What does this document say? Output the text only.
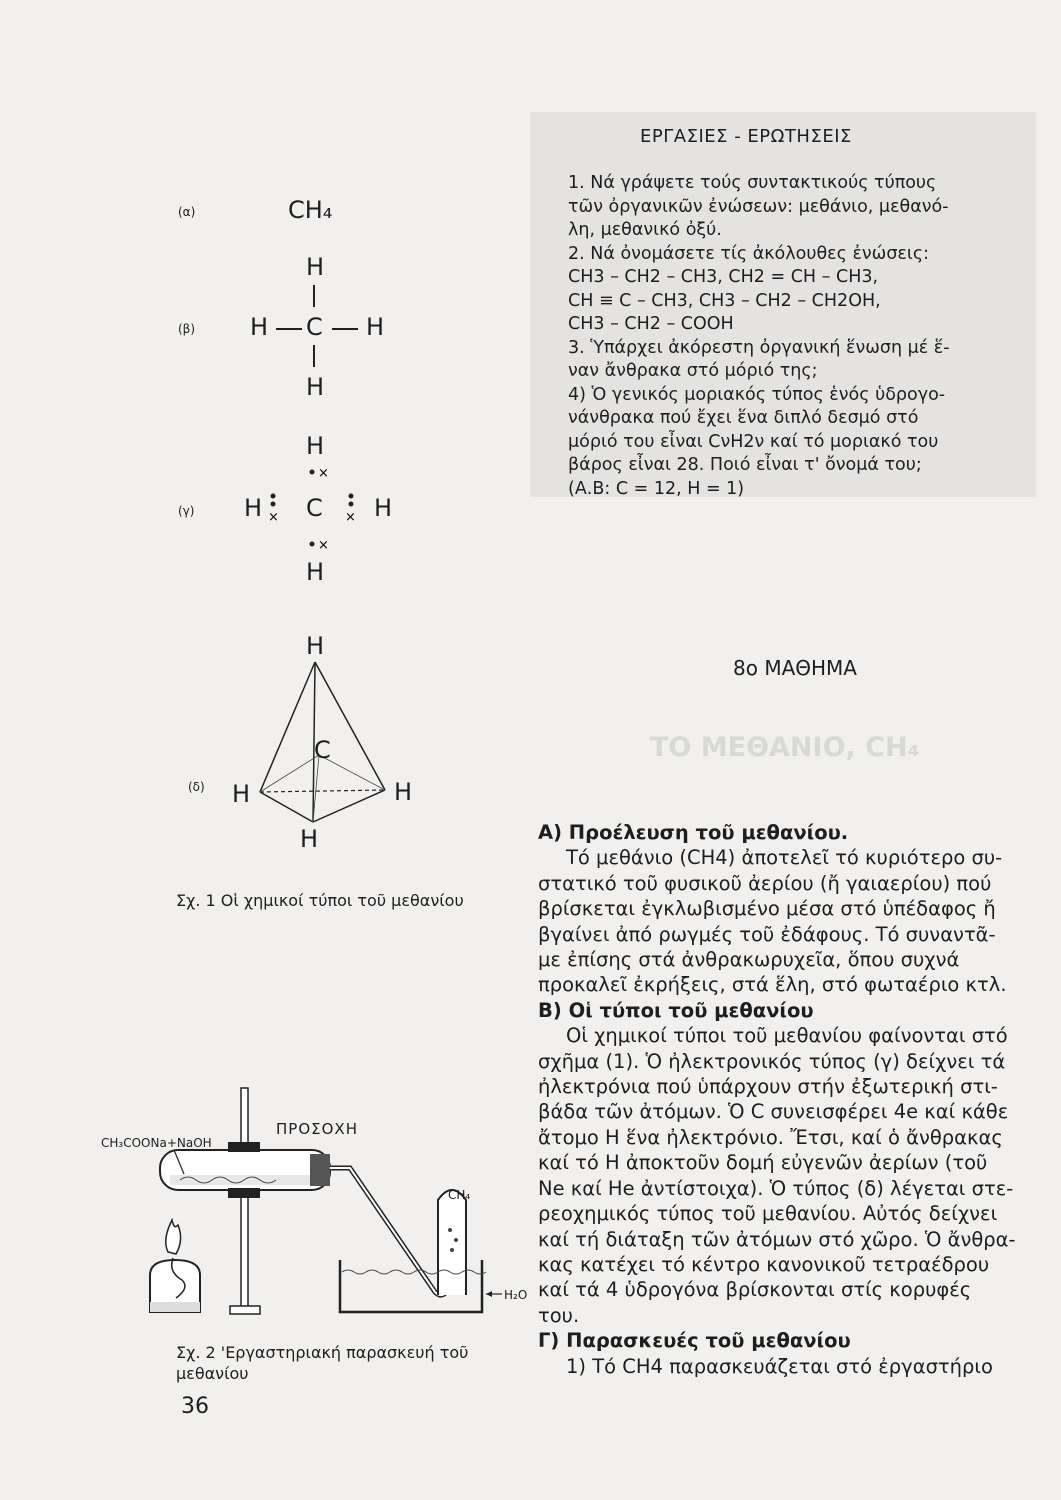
ΕΡΓΑΣΙΕΣ - ΕΡΩΤΗΣΕΙΣ

1. Νά γράψετε τούς συντακτικούς τύπους

τῶν ὀργανικῶν ἐνώσεων: μεθάνιο, μεθανό-

λη, μεθανικό ὀξύ.

2. Νά ὀνομάσετε τίς ἀκόλουθες ἐνώσεις:

CH3 – CH2 – CH3, CH2 = CH – CH3,

CH ≡ C – CH3, CH3 – CH2 – CH2OH,

CH3 – CH2 – COOH

3. Ὑπάρχει ἀκόρεστη ὀργανική ἕνωση μέ ἕ-

ναν ἄνθρακα στό μόριό της;

4) Ὁ γενικός μοριακός τύπος ἑνός ὑδρογο-

νάνθρακα πού ἔχει ἕνα διπλό δεσμό στό

μόριό του εἶναι CνH2ν καί τό μοριακό του

βάρος εἶναι 28. Ποιό εἶναι τ' ὄνομά του;

(Α.Β: C = 12, H = 1)

8ο ΜΑΘΗΜΑ
ΤΟ ΜΕΘΑΝΙΟ, CH₄

Α) Προέλευση τοῦ μεθανίου.

Τό μεθάνιο (CH4) ἀποτελεῖ τό κυριότερο συ-

στατικό τοῦ φυσικοῦ ἀερίου (ἤ γαιαερίου) πού

βρίσκεται ἐγκλωβισμένο μέσα στό ὑπέδαφος ἤ

βγαίνει ἀπό ρωγμές τοῦ ἐδάφους. Τό συναντᾶ-

με ἐπίσης στά ἀνθρακωρυχεῖα, ὅπου συχνά

προκαλεῖ ἐκρήξεις, στά ἕλη, στό φωταέριο κτλ.

Β) Οἱ τύποι τοῦ μεθανίου

Οἱ χημικοί τύποι τοῦ μεθανίου φαίνονται στό

σχῆμα (1). Ὁ ἠλεκτρονικός τύπος (γ) δείχνει τά

ἠλεκτρόνια πού ὑπάρχουν στήν ἐξωτερική στι-

βάδα τῶν ἀτόμων. Ὁ C συνεισφέρει 4e καί κάθε

ἄτομο Η ἕνα ἠλεκτρόνιο. Ἔτσι, καί ὁ ἄνθρακας

καί τό Η ἀποκτοῦν δομή εὐγενῶν ἀερίων (τοῦ

Ne καί He ἀντίστοιχα). Ὁ τύπος (δ) λέγεται στε-

ρεοχημικός τύπος τοῦ μεθανίου. Αὐτός δείχνει

καί τή διάταξη τῶν ἀτόμων στό χῶρο. Ὁ ἄνθρα-

κας κατέχει τό κέντρο κανονικοῦ τετραέδρου

καί τά 4 ὑδρογόνα βρίσκονται στίς κορυφές

του.

Γ) Παρασκευές τοῦ μεθανίου

1) Τό CH4 παρασκευάζεται στό ἐργαστήριο

(α)	CH₄
(β)
H
H C H
H
(γ)
H
H C H
H
×
×	×
×
(δ)
H
C
H	H
H
Σχ. 1 Οἱ χημικοί τύποι τοῦ μεθανίου
CH₃COONa+NaOH
ΠΡΟΣΟΧΗ
CH₄
H₂O
Σχ. 2 'Εργαστηριακή παρασκευή τοῦ
μεθανίου
36
